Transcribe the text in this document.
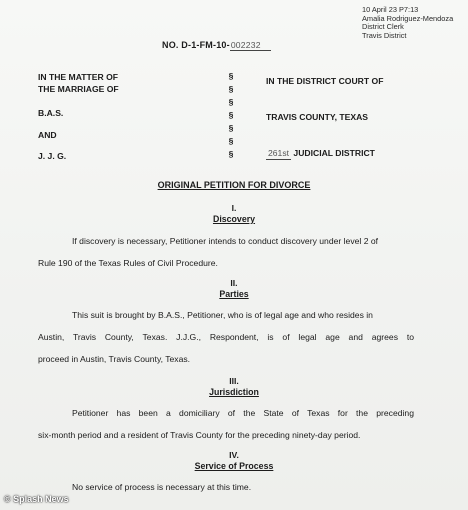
10 April 23 P7:13
Amalia Rodriguez-Mendoza
District Clerk
Travis District
NO. D-1-FM-10-002232
IN THE MATTER OF
THE MARRIAGE OF
B.A.S.
AND
J. J. G.
§
§
§
§
§
§
§
IN THE DISTRICT COURT OF
TRAVIS COUNTY, TEXAS
261st JUDICIAL DISTRICT
ORIGINAL PETITION FOR DIVORCE
I.
Discovery
If discovery is necessary, Petitioner intends to conduct discovery under level 2 of
Rule 190 of the Texas Rules of Civil Procedure.
II.
Parties
This suit is brought by B.A.S., Petitioner, who is of legal age and who resides in
Austin, Travis County, Texas. J.J.G., Respondent, is of legal age and agrees to
proceed in Austin, Travis County, Texas.
III.
Jurisdiction
Petitioner has been a domiciliary of the State of Texas for the preceding
six-month period and a resident of Travis County for the preceding ninety-day period.
IV.
Service of Process
No service of process is necessary at this time.
© Splash News
